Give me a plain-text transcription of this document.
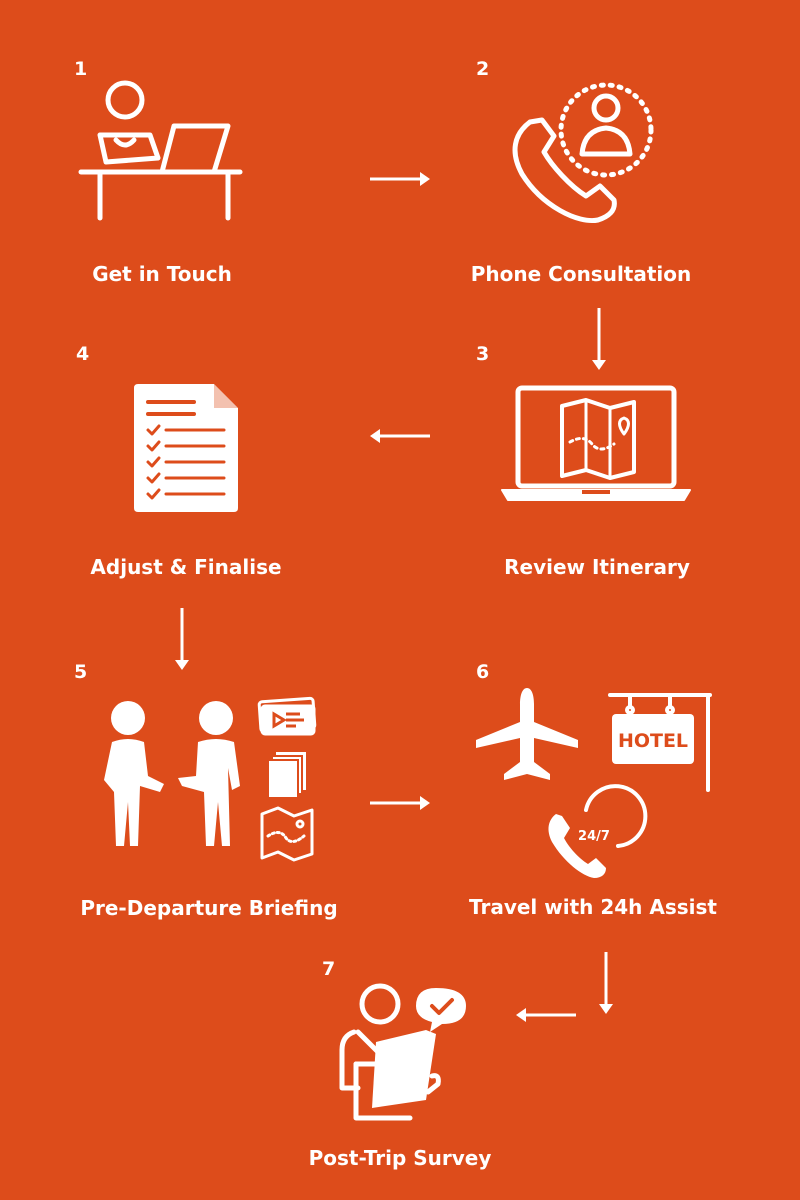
1
Get in Touch
2
Phone Consultation
3
Review Itinerary
4
Adjust & Finalise
5
Pre-Departure Briefing
6
HOTEL
24/7
Travel with 24h Assist
7
Post-Trip Survey
